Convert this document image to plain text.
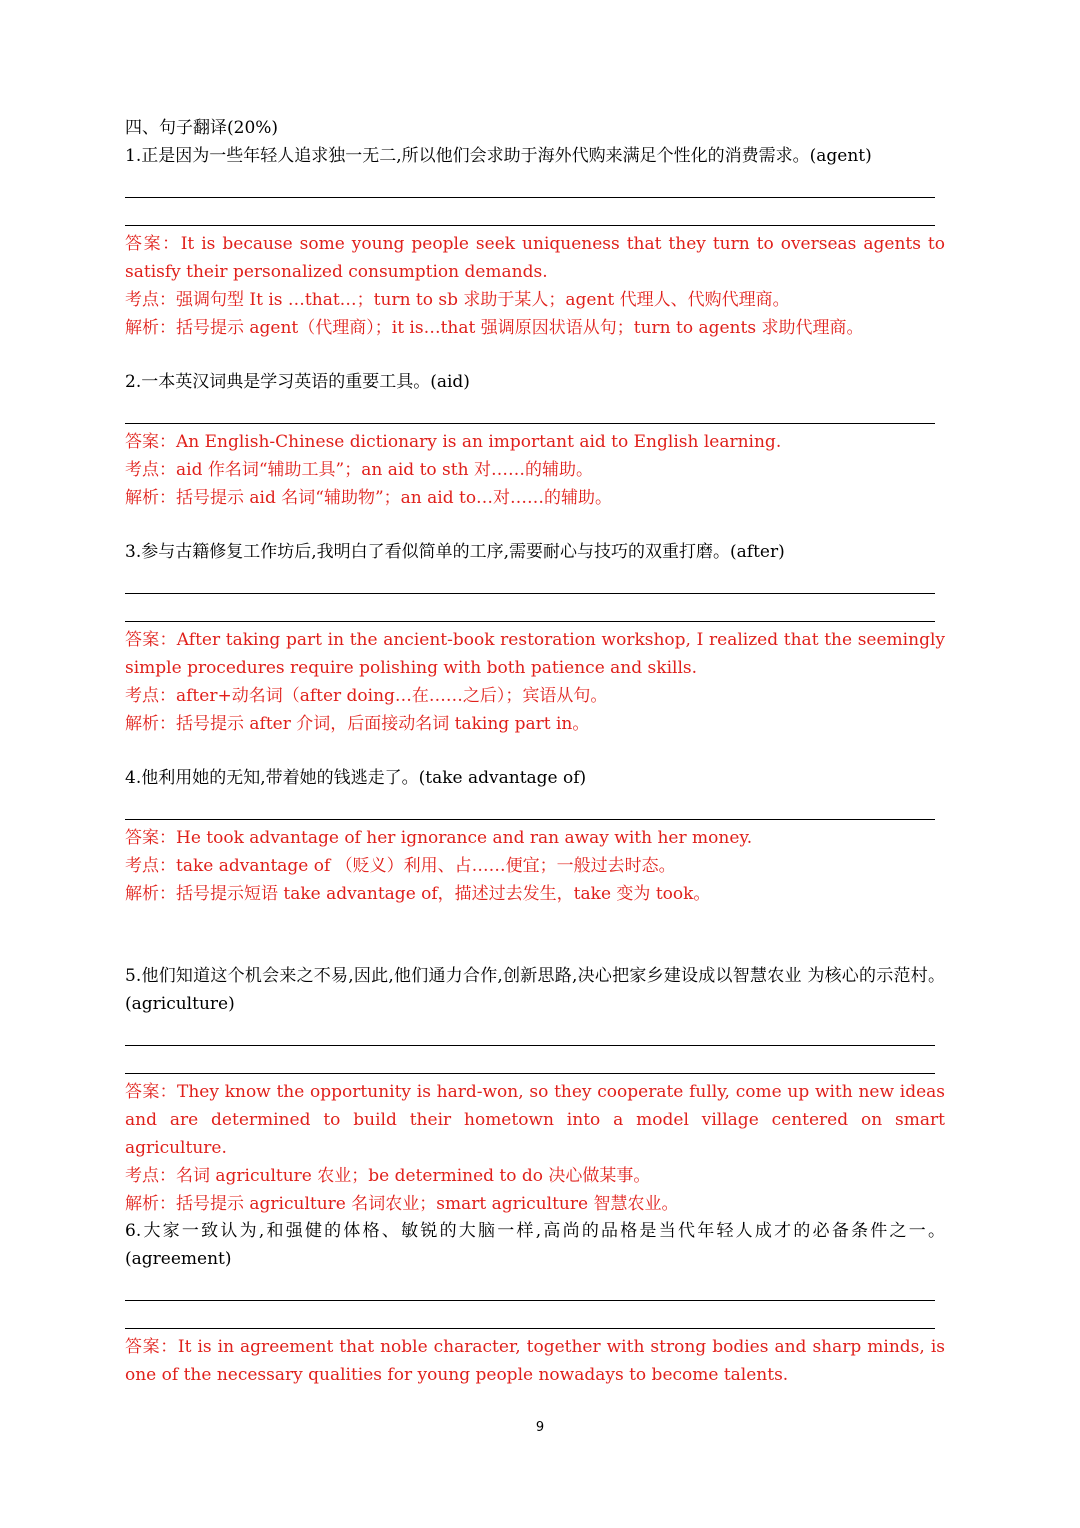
四、句子翻译(20%)
1.正是因为一些年轻人追求独一无二,所以他们会求助于海外代购来满足个性化的消费需求。(agent)
答案：It is because some young people seek uniqueness that they turn to overseas agents to satisfy their personalized consumption demands.
考点：强调句型 It is …that…；turn to sb 求助于某人；agent 代理人、代购代理商。
解析：括号提示 agent（代理商）；it is…that 强调原因状语从句；turn to agents 求助代理商。
2.一本英汉词典是学习英语的重要工具。(aid)
答案：An English-Chinese dictionary is an important aid to English learning.
考点：aid 作名词“辅助工具”；an aid to sth 对……的辅助。
解析：括号提示 aid 名词“辅助物”；an aid to…对……的辅助。
3.参与古籍修复工作坊后,我明白了看似简单的工序,需要耐心与技巧的双重打磨。(after)
答案：After taking part in the ancient-book restoration workshop, I realized that the seemingly simple procedures require polishing with both patience and skills.
考点：after+动名词（after doing…在……之后）；宾语从句。
解析：括号提示 after 介词，后面接动名词 taking part in。
4.他利用她的无知,带着她的钱逃走了。(take advantage of)
答案：He took advantage of her ignorance and ran away with her money.
考点：take advantage of （贬义）利用、占……便宜；一般过去时态。
解析：括号提示短语 take advantage of，描述过去发生，take 变为 took。
5.他们知道这个机会来之不易,因此,他们通力合作,创新思路,决心把家乡建设成以智慧农业 为核心的示范村。(agriculture)
答案：They know the opportunity is hard-won, so they cooperate fully, come up with new ideas and are determined to build their hometown into a model village centered on smart agriculture.
考点：名词 agriculture 农业；be determined to do 决心做某事。
解析：括号提示 agriculture 名词农业；smart agriculture 智慧农业。
6.大家一致认为,和强健的体格、敏锐的大脑一样,高尚的品格是当代年轻人成才的必备条件之一。(agreement)
答案：It is in agreement that noble character, together with strong bodies and sharp minds, is one of the necessary qualities for young people nowadays to become talents.
9
